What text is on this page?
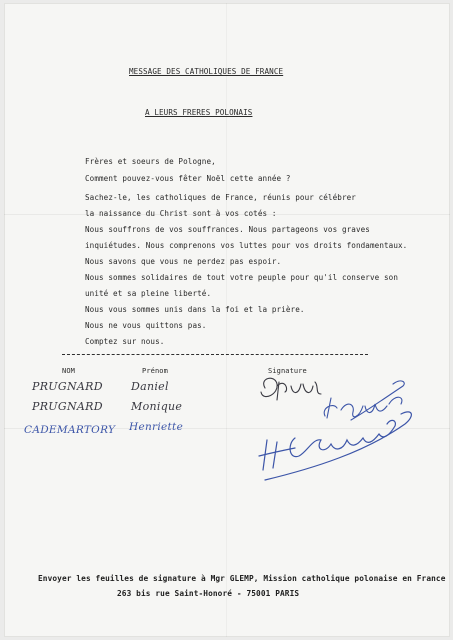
MESSAGE DES CATHOLIQUES DE FRANCE
A LEURS FRERES POLONAIS
Frères et soeurs de Pologne,
Comment pouvez-vous fêter Noël cette année ?
Sachez-le, les catholiques de France, réunis pour célébrer
la naissance du Christ sont à vos cotés :
Nous souffrons de vos souffrances. Nous partageons vos graves
inquiétudes. Nous comprenons vos luttes pour vos droits fondamentaux.
Nous savons que vous ne perdez pas espoir.
Nous sommes solidaires de tout votre peuple pour qu'il conserve son
unité et sa pleine liberté.
Nous vous sommes unis dans la foi et la prière.
Nous ne vous quittons pas.
Comptez sur nous.
NOM	Prénom	Signature
PRUGNARD	Daniel
PRUGNARD	Monique
CADEMARTORY Henriette
Envoyer les feuilles de signature à Mgr GLEMP, Mission catholique polonaise en France
263 bis rue Saint-Honoré - 75001 PARIS
